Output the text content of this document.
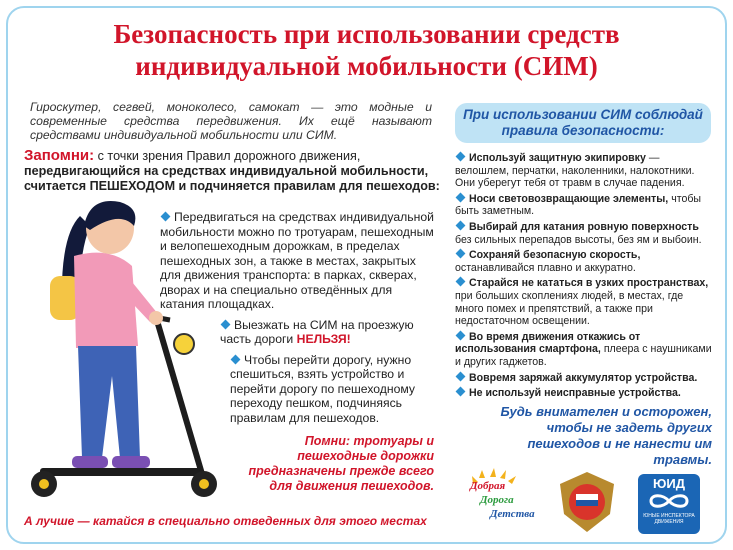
Безопасность при использовании средств
индивидуальной мобильности (СИМ)
Гироскутер, сегвей, моноколесо, самокат — это модные и современные средства передвижения. Их ещё называют средствами индивидуальной мобильности или СИМ.
Запомни: с точки зрения Правил дорожного движения, передвигающийся на средствах индивидуальной мобильности, считается ПЕШЕХОДОМ и подчиняется правилам для пешеходов:

Передвигаться на средствах индивидуальной мобильности можно по тротуарам, пешеходным и велопешеходным дорожкам, в пределах пешеходных зон, а также в местах, закрытых для движения транспорта: в парках, скверах, дворах и на специально отведённых для катания площадках.

Выезжать на СИМ на проезжую часть дороги НЕЛЬЗЯ!

Чтобы перейти дорогу, нужно спешиться, взять устройство и перейти дорогу по пешеходному переходу пешком, подчиняясь правилам для пешеходов.

Помни: тротуары и пешеходные дорожки предназначены прежде всего для движения пешеходов.
А лучше — катайся в специально отведенных для этого местах
При использовании СИМ соблюдай правила безопасности:
Используй защитную экипировку — велошлем, перчатки, наколенники, налокотники. Они уберегут тебя от травм в случае падения.
Носи световозвращающие элементы, чтобы быть заметным.
Выбирай для катания ровную поверхность без сильных перепадов высоты, без ям и выбоин.
Сохраняй безопасную скорость, останавливайся плавно и аккуратно.
Старайся не кататься в узких пространствах, при больших скоплениях людей, в местах, где много помех и препятствий, а также при недостаточном освещении.
Во время движения откажись от использования смартфона, плеера с наушниками и других гаджетов.
Вовремя заряжай аккумулятор устройства.
Не используй неисправные устройства.
Будь внимателен и осторожен, чтобы не задеть других пешеходов и не нанести им травмы.
Добрая
Дорога
Детства
ЮИД
ЮНЫЕ ИНСПЕКТОРА ДВИЖЕНИЯ
